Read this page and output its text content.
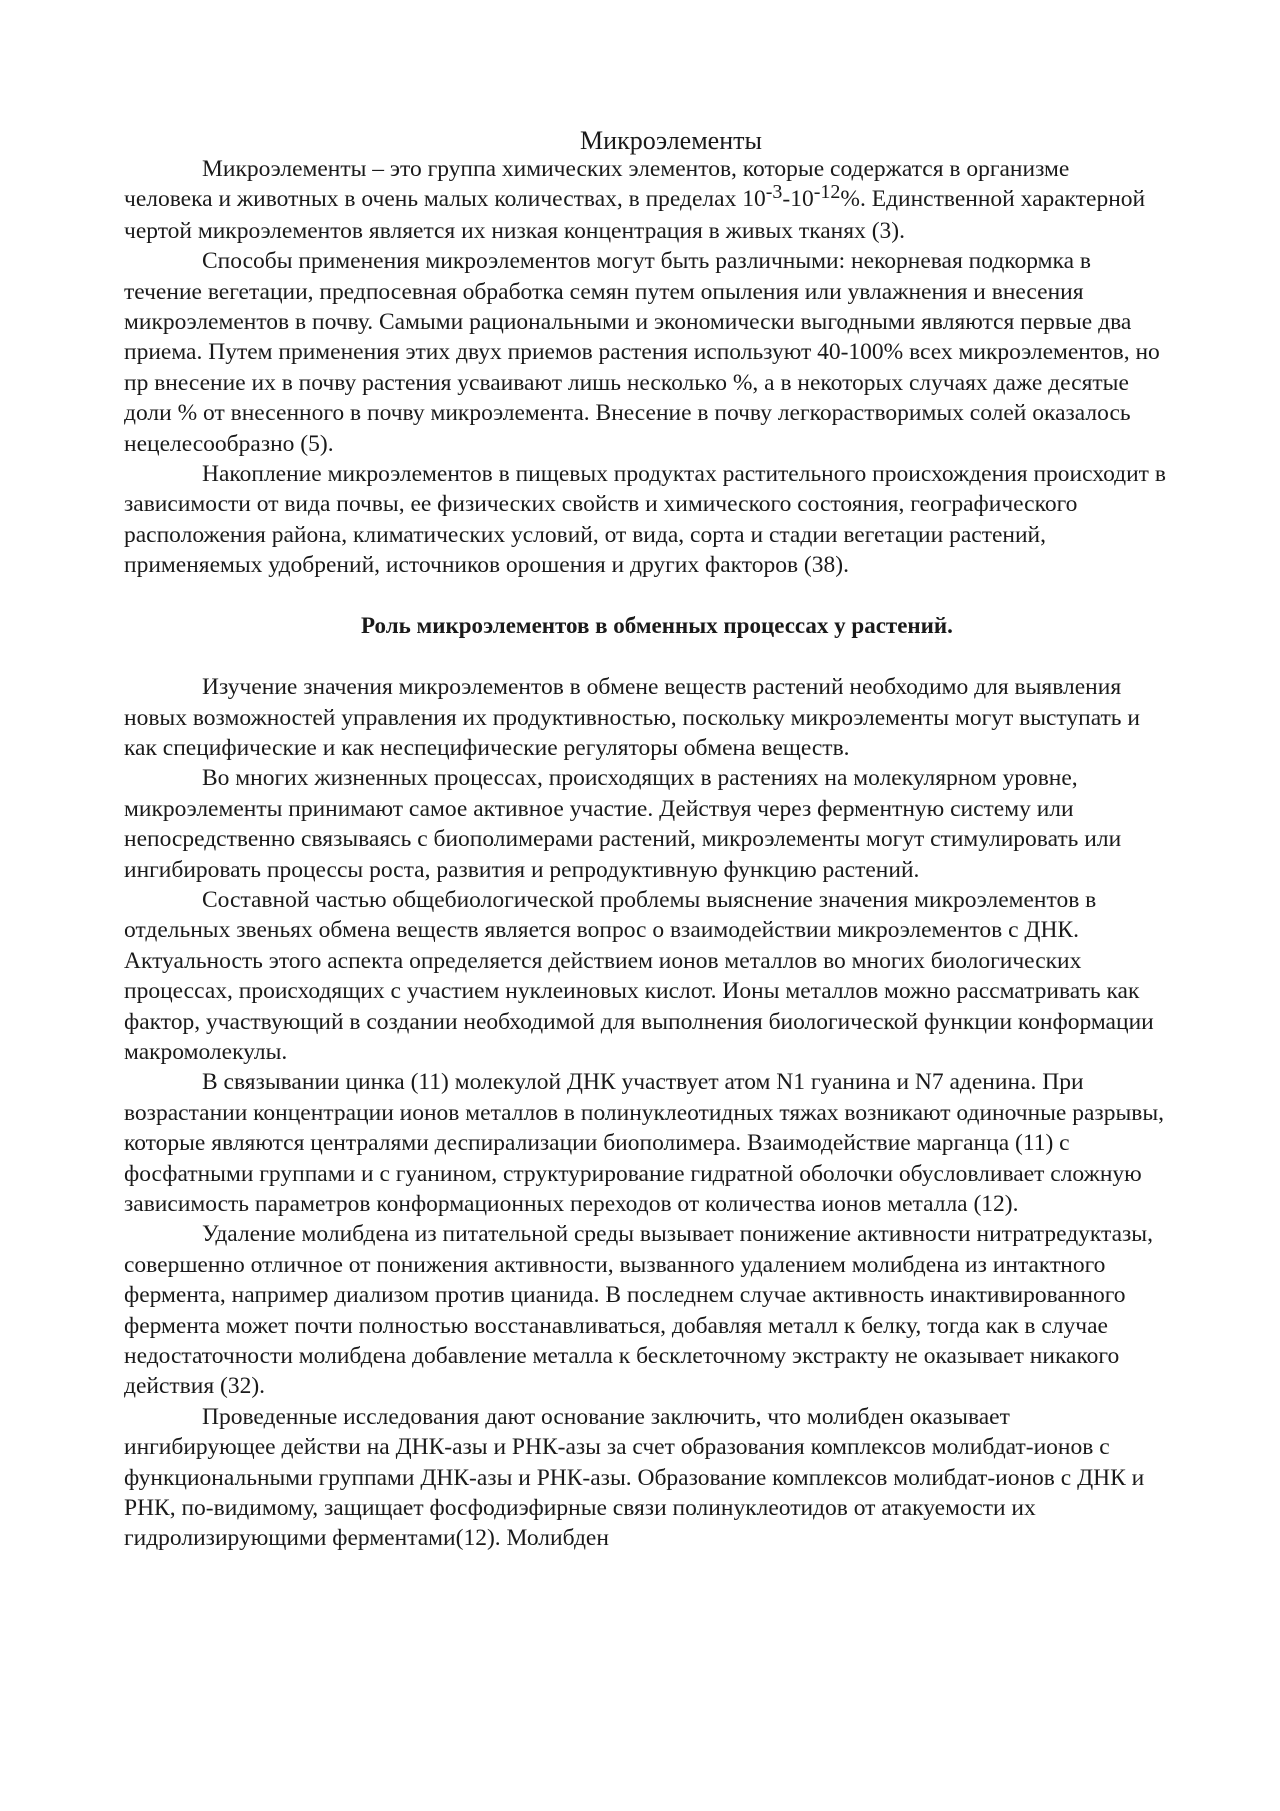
Микроэлементы

Микроэлементы – это группа химических элементов, которые содержатся в организме
человека и животных в очень малых количествах, в пределах 10-3-10-12%. Единственной характерной чертой микроэлементов является их низкая концентрация в живых тканях (3).

Способы применения микроэлементов могут быть различными: некорневая подкормка в течение вегетации, предпосевная обработка семян путем опыления или увлажнения и внесения микроэлементов в почву. Самыми рациональными и экономически выгодными являются первые два приема. Путем применения этих двух приемов растения используют 40-100% всех микроэлементов, но пр внесение их в почву растения усваивают лишь несколько %, а в некоторых случаях даже десятые доли % от внесенного в почву микроэлемента. Внесение в почву легкорастворимых солей оказалось нецелесообразно (5).

Накопление микроэлементов в пищевых продуктах растительного происхождения происходит в зависимости от вида почвы, ее физических свойств и химического состояния, географического расположения района, климатических условий, от вида, сорта и стадии вегетации растений, применяемых удобрений, источников орошения и других факторов (38).

Роль микроэлементов в обменных процессах у растений.

Изучение значения микроэлементов в обмене веществ растений необходимо для выявления новых возможностей управления их продуктивностью, поскольку микроэлементы могут выступать и как специфические и как неспецифические регуляторы обмена веществ.

Во многих жизненных процессах, происходящих в растениях на молекулярном уровне, микроэлементы принимают самое активное участие. Действуя через ферментную систему или непосредственно связываясь с биополимерами растений, микроэлементы могут стимулировать или ингибировать процессы роста, развития и репродуктивную функцию растений.

Составной частью общебиологической проблемы выяснение значения микроэлементов в отдельных звеньях обмена веществ является вопрос о взаимодействии микроэлементов с ДНК. Актуальность этого аспекта определяется действием ионов металлов во многих биологических процессах, происходящих с участием нуклеиновых кислот. Ионы металлов можно рассматривать как фактор, участвующий в создании необходимой для выполнения биологической функции конформации макромолекулы.

В связывании цинка (11) молекулой ДНК участвует атом N1 гуанина и N7 аденина. При возрастании концентрации ионов металлов в полинуклеотидных тяжах возникают одиночные разрывы, которые являются централями деспирализации биополимера. Взаимодействие марганца (11) с фосфатными группами и с гуанином, структурирование гидратной оболочки обусловливает сложную зависимость параметров конформационных переходов от количества ионов металла (12).

Удаление молибдена из питательной среды вызывает понижение активности нитратредуктазы, совершенно отличное от понижения активности, вызванного удалением молибдена из интактного фермента, например диализом против цианида. В последнем случае активность инактивированного фермента может почти полностью восстанавливаться, добавляя металл к белку, тогда как в случае недостаточности молибдена добавление металла к бесклеточному экстракту не оказывает никакого действия (32).

Проведенные исследования дают основание заключить, что молибден оказывает ингибирующее действи на ДНК-азы и РНК-азы за счет образования комплексов молибдат-ионов с функциональными группами ДНК-азы и РНК-азы. Образование комплексов молибдат-ионов с ДНК и РНК, по-видимому, защищает фосфодиэфирные связи полинуклеотидов от атакуемости их гидролизирующими ферментами(12). Молибден
